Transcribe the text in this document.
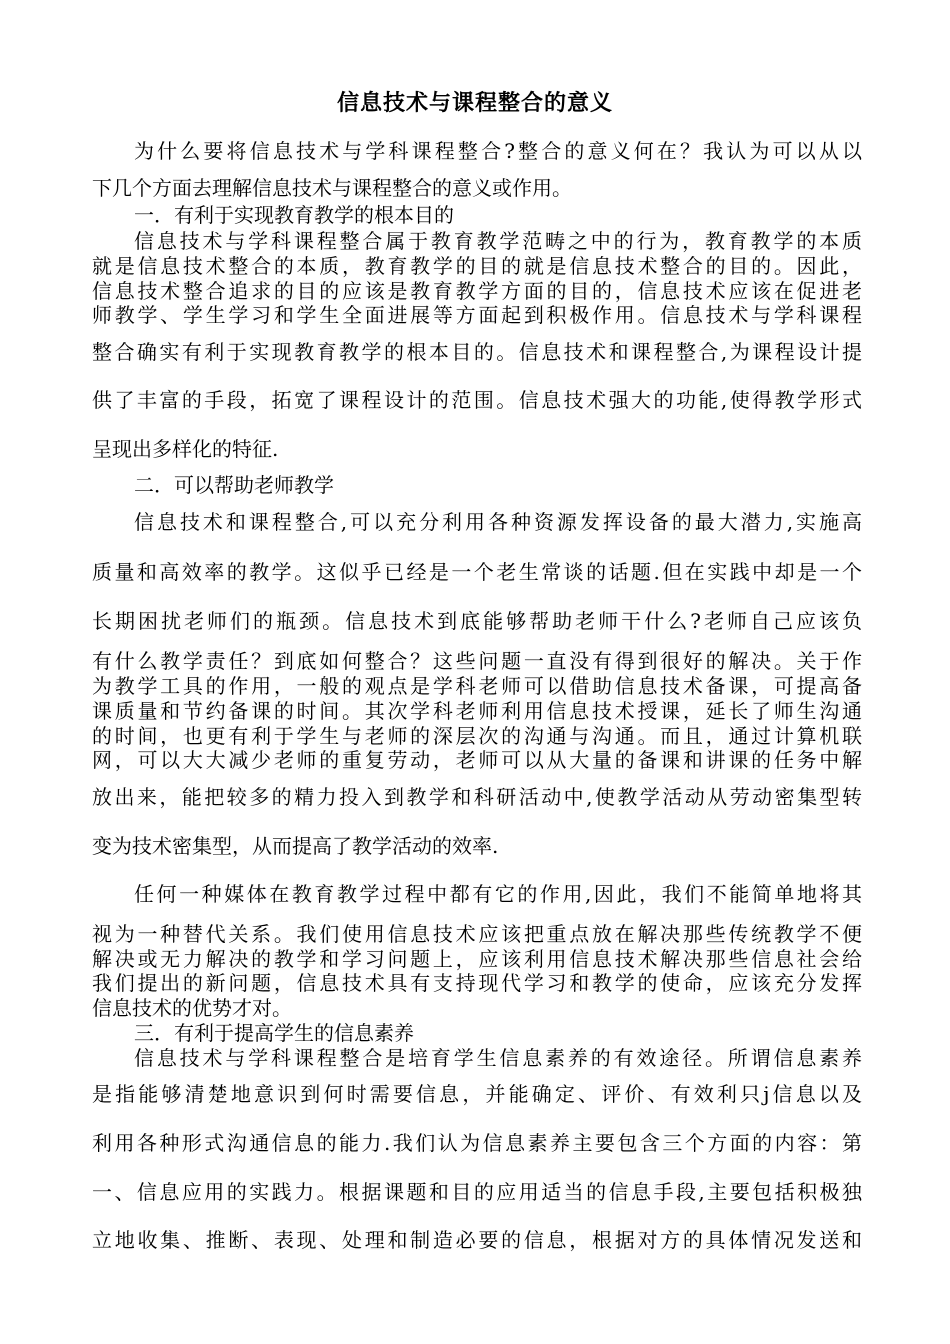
信息技术与课程整合的意义
为什么要将信息技术与学科课程整合?整合的意义何在？我认为可以从以
下几个方面去理解信息技术与课程整合的意义或作用。
一．有利于实现教育教学的根本目的
信息技术与学科课程整合属于教育教学范畴之中的行为，教育教学的本质
就是信息技术整合的本质，教育教学的目的就是信息技术整合的目的。因此，
信息技术整合追求的目的应该是教育教学方面的目的，信息技术应该在促进老
师教学、学生学习和学生全面进展等方面起到积极作用。信息技术与学科课程
整合确实有利于实现教育教学的根本目的。信息技术和课程整合,为课程设计提
供了丰富的手段，拓宽了课程设计的范围。信息技术强大的功能,使得教学形式
呈现出多样化的特征.
二．可以帮助老师教学
信息技术和课程整合,可以充分利用各种资源发挥设备的最大潜力,实施高
质量和高效率的教学。这似乎已经是一个老生常谈的话题.但在实践中却是一个
长期困扰老师们的瓶颈。信息技术到底能够帮助老师干什么?老师自己应该负
有什么教学责任？到底如何整合？这些问题一直没有得到很好的解决。关于作
为教学工具的作用，一般的观点是学科老师可以借助信息技术备课，可提高备
课质量和节约备课的时间。其次学科老师利用信息技术授课，延长了师生沟通
的时间，也更有利于学生与老师的深层次的沟通与沟通。而且，通过计算机联
网，可以大大减少老师的重复劳动，老师可以从大量的备课和讲课的任务中解
放出来，能把较多的精力投入到教学和科研活动中,使教学活动从劳动密集型转
变为技术密集型，从而提高了教学活动的效率.
任何一种媒体在教育教学过程中都有它的作用,因此，我们不能简单地将其
视为一种替代关系。我们使用信息技术应该把重点放在解决那些传统教学不便
解决或无力解决的教学和学习问题上，应该利用信息技术解决那些信息社会给
我们提出的新问题，信息技术具有支持现代学习和教学的使命，应该充分发挥
信息技术的优势才对。
三．有利于提高学生的信息素养
信息技术与学科课程整合是培育学生信息素养的有效途径。所谓信息素养
是指能够清楚地意识到何时需要信息，并能确定、评价、有效利只j信息以及
利用各种形式沟通信息的能力.我们认为信息素养主要包含三个方面的内容：第
一、信息应用的实践力。根据课题和目的应用适当的信息手段,主要包括积极独
立地收集、推断、表现、处理和制造必要的信息，根据对方的具体情况发送和
